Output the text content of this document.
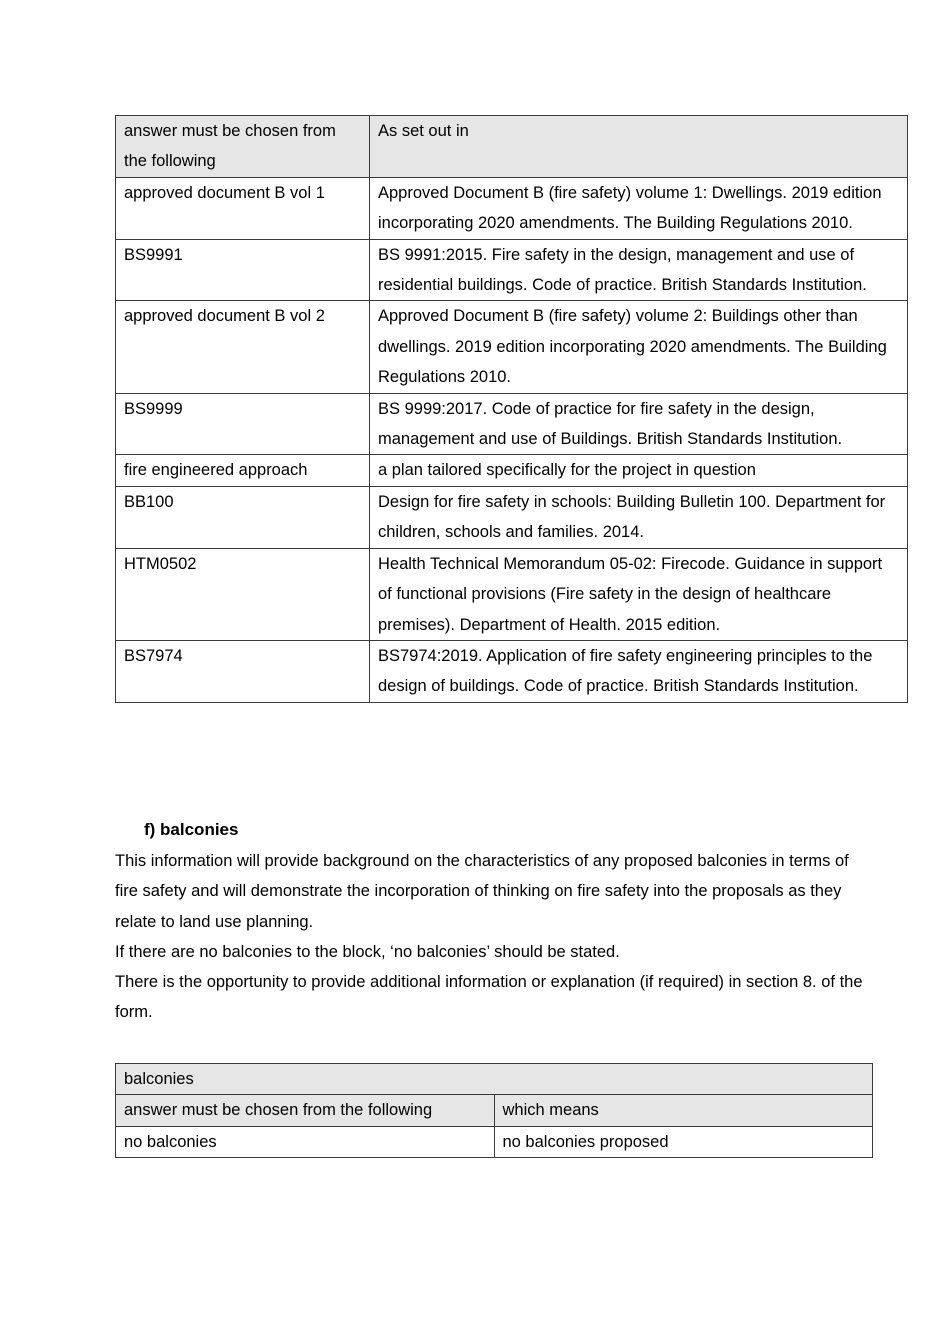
answer must be chosen from the following	As set out in
approved document B vol 1	Approved Document B (fire safety) volume 1: Dwellings. 2019 edition incorporating 2020 amendments. The Building Regulations 2010.
BS9991	BS 9991:2015. Fire safety in the design, management and use of residential buildings. Code of practice. British Standards Institution.
approved document B vol 2	Approved Document B (fire safety) volume 2: Buildings other than dwellings. 2019 edition incorporating 2020 amendments. The Building Regulations 2010.
BS9999	BS 9999:2017. Code of practice for fire safety in the design, management and use of Buildings. British Standards Institution.
fire engineered approach	a plan tailored specifically for the project in question
BB100	Design for fire safety in schools: Building Bulletin 100. Department for children, schools and families. 2014.
HTM0502	Health Technical Memorandum 05-02: Firecode. Guidance in support of functional provisions (Fire safety in the design of healthcare premises). Department of Health. 2015 edition.
BS7974	BS7974:2019. Application of fire safety engineering principles to the design of buildings. Code of practice. British Standards Institution.
f) balconies

This information will provide background on the characteristics of any proposed balconies in terms of fire safety and will demonstrate the incorporation of thinking on fire safety into the proposals as they relate to land use planning.

If there are no balconies to the block, ‘no balconies’ should be stated.

There is the opportunity to provide additional information or explanation (if required) in section 8. of the form.

balconies	
answer must be chosen from the following	which means
no balconies	no balconies proposed
